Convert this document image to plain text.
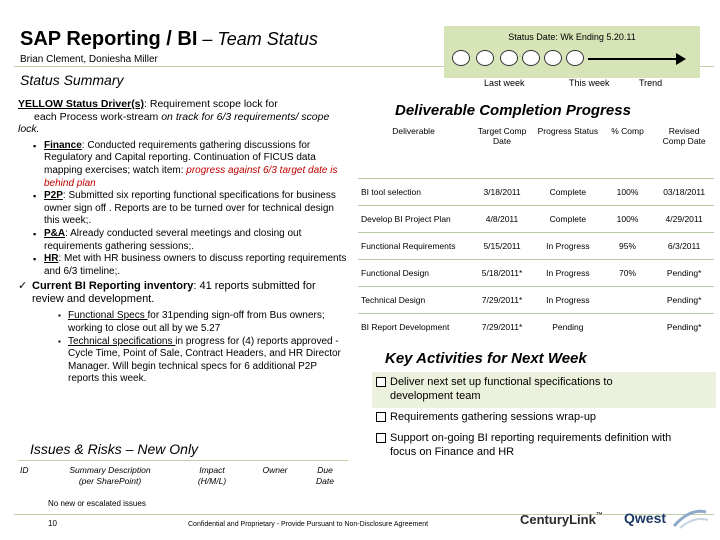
SAP Reporting / BI – Team Status
Brian Clement, Doniesha Miller
Status Date: Wk Ending 5.20.11
Last week	This week	Trend
Status Summary
YELLOW Status Driver(s): Requirement scope lock for
each Process work-stream on track for 6/3 requirements/ scope lock.
▪ Finance: Conducted requirements gathering discussions for Regulatory and Capital reporting. Continuation of FICUS data mapping exercises; watch item: progress against 6/3 target date is behind plan
▪ P2P: Submitted six reporting functional specifications for business owner sign off . Reports are to be turned over for technical design this week;.
▪ P&A: Already conducted several meetings and closing out requirements gathering sessions;.
▪ HR: Met with HR business owners to discuss reporting requirements and 6/3 timeline;.
✓ Current BI Reporting inventory: 41 reports submitted for review and development.
▪ Functional Specs for 31pending sign-off from Bus owners; working to close out all by we 5.27
▪ Technical specifications in progress for (4) reports approved - Cycle Time, Point of Sale, Contract Headers, and HR Director Manager. Will begin technical specs for 6 additional P2P reports this week.
Deliverable Completion Progress
Deliverable	Target Comp Date	Progress Status	% Comp	Revised Comp Date
BI tool selection	3/18/2011	Complete	100%	03/18/2011
Develop BI Project Plan	4/8/2011	Complete	100%	4/29/2011
Functional Requirements	5/15/2011	In Progress	95%	6/3/2011
Functional Design	5/18/2011*	In Progress	70%	Pending*
Technical Design	7/29/2011*	In Progress		Pending*
BI Report Development	7/29/2011*	Pending		Pending*
Key Activities for Next Week
Deliver next set up functional specifications to development team
Requirements gathering sessions wrap-up
Support on-going BI reporting requirements definition with focus on Finance and HR
Issues & Risks – New Only
ID	Summary Description
(per SharePoint)
Impact
(H/M/L)
Owner	Due
Date
No new or escalated issues
10	Confidential and Proprietary - Provide Pursuant to Non-Disclosure Agreement	CenturyLink™ Qwest
